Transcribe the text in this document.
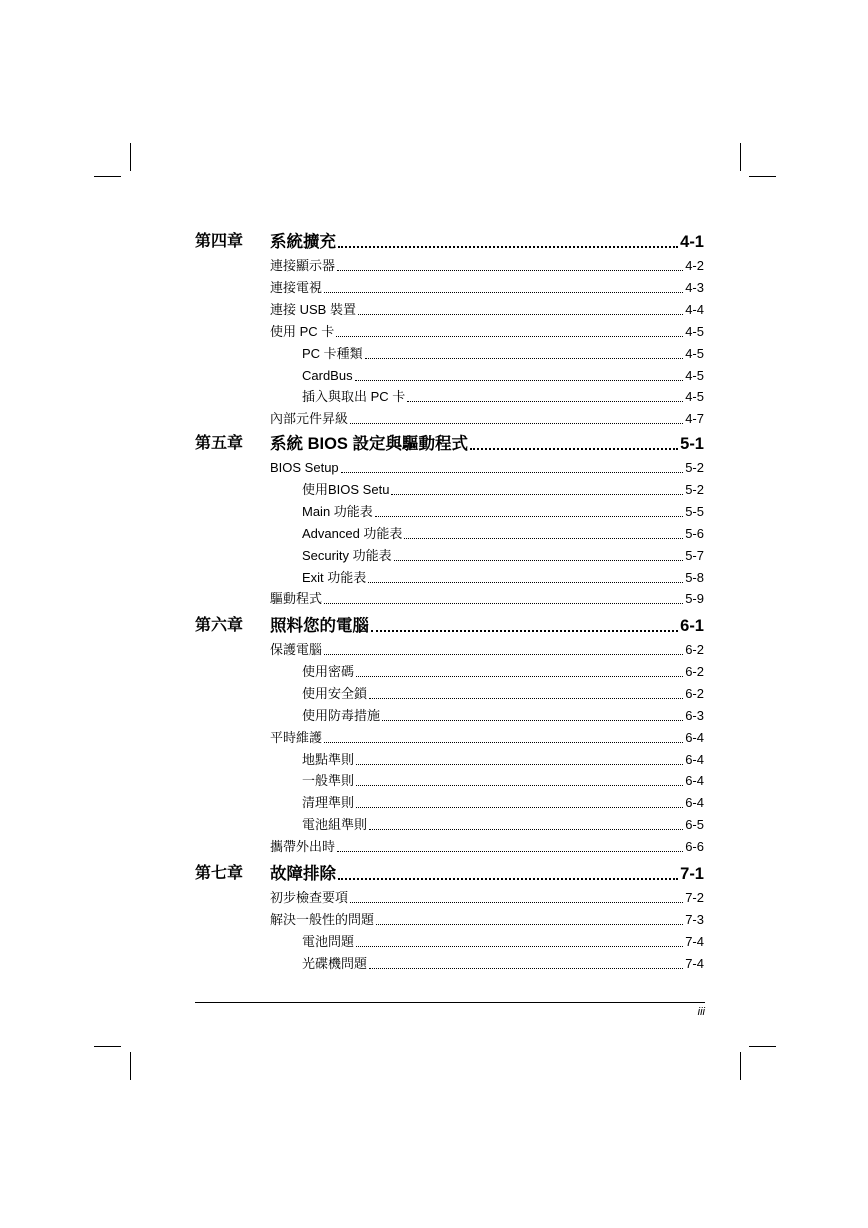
第四章 系統擴充	4-1
連接顯示器	4-2
連接電視	4-3
連接 USB 裝置	4-4
使用 PC 卡	4-5
PC 卡種類	4-5
CardBus	4-5
插入與取出 PC 卡	4-5
內部元件昇級	4-7
第五章 系統 BIOS 設定與驅動程式	5-1
BIOS Setup	5-2
使用BIOS Setu	5-2
Main 功能表	5-5
Advanced 功能表	5-6
Security 功能表	5-7
Exit 功能表	5-8
驅動程式	5-9
第六章 照料您的電腦	6-1
保護電腦	6-2
使用密碼	6-2
使用安全鎖	6-2
使用防毒措施	6-3
平時維護	6-4
地點準則	6-4
一般準則	6-4
清理準則	6-4
電池組準則	6-5
攜帶外出時	6-6
第七章 故障排除	7-1
初步檢查要項	7-2
解決一般性的問題	7-3
電池問題	7-4
光碟機問題	7-4
iii
